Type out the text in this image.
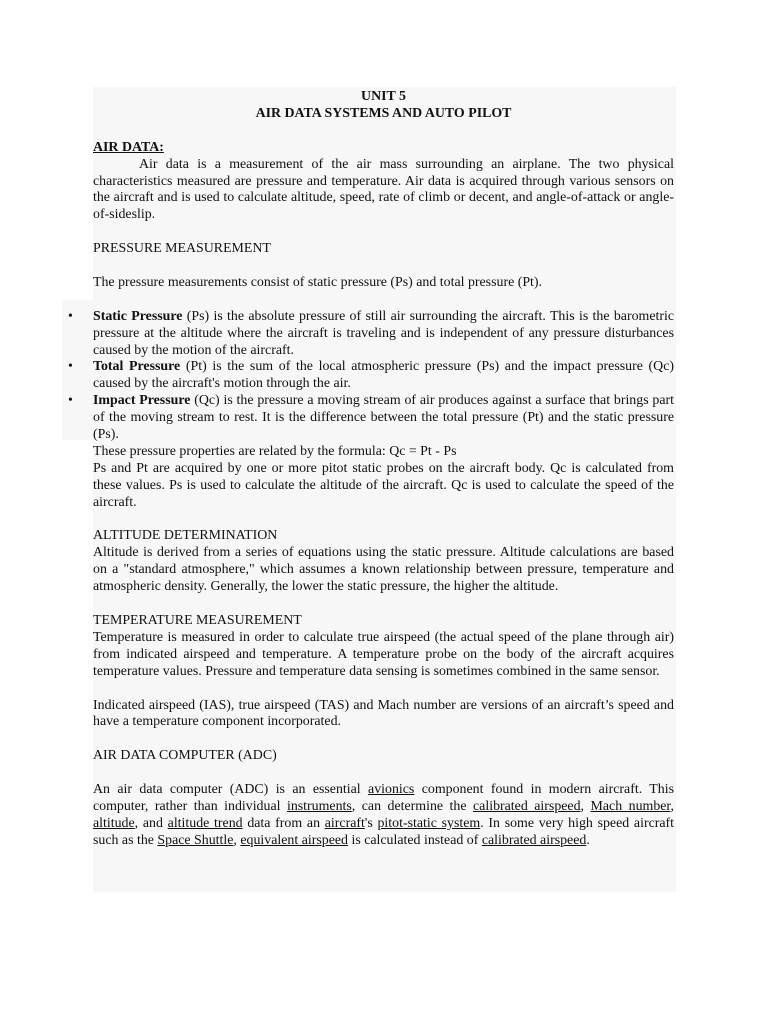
UNIT 5

AIR DATA SYSTEMS AND AUTO PILOT

AIR DATA:

Air data is a measurement of the air mass surrounding an airplane. The two physical characteristics measured are pressure and temperature. Air data is acquired through various sensors on the aircraft and is used to calculate altitude, speed, rate of climb or decent, and angle-of-attack or angle-of-sideslip.

PRESSURE MEASUREMENT

The pressure measurements consist of static pressure (Ps) and total pressure (Pt).

• Static Pressure (Ps) is the absolute pressure of still air surrounding the aircraft. This is the barometric pressure at the altitude where the aircraft is traveling and is independent of any pressure disturbances caused by the motion of the aircraft.
• Total Pressure (Pt) is the sum of the local atmospheric pressure (Ps) and the impact pressure (Qc) caused by the aircraft's motion through the air.
• Impact Pressure (Qc) is the pressure a moving stream of air produces against a surface that brings part of the moving stream to rest. It is the difference between the total pressure (Pt) and the static pressure (Ps).

These pressure properties are related by the formula: Qc = Pt - Ps

Ps and Pt are acquired by one or more pitot static probes on the aircraft body. Qc is calculated from these values. Ps is used to calculate the altitude of the aircraft. Qc is used to calculate the speed of the aircraft.

ALTITUDE DETERMINATION

Altitude is derived from a series of equations using the static pressure. Altitude calculations are based on a "standard atmosphere," which assumes a known relationship between pressure, temperature and atmospheric density. Generally, the lower the static pressure, the higher the altitude.

TEMPERATURE MEASUREMENT

Temperature is measured in order to calculate true airspeed (the actual speed of the plane through air) from indicated airspeed and temperature. A temperature probe on the body of the aircraft acquires temperature values. Pressure and temperature data sensing is sometimes combined in the same sensor.

Indicated airspeed (IAS), true airspeed (TAS) and Mach number are versions of an aircraft’s speed and have a temperature component incorporated.

AIR DATA COMPUTER (ADC)

An air data computer (ADC) is an essential avionics component found in modern aircraft. This computer, rather than individual instruments, can determine the calibrated airspeed, Mach number, altitude, and altitude trend data from an aircraft's pitot-static system. In some very high speed aircraft such as the Space Shuttle, equivalent airspeed is calculated instead of calibrated airspeed.
